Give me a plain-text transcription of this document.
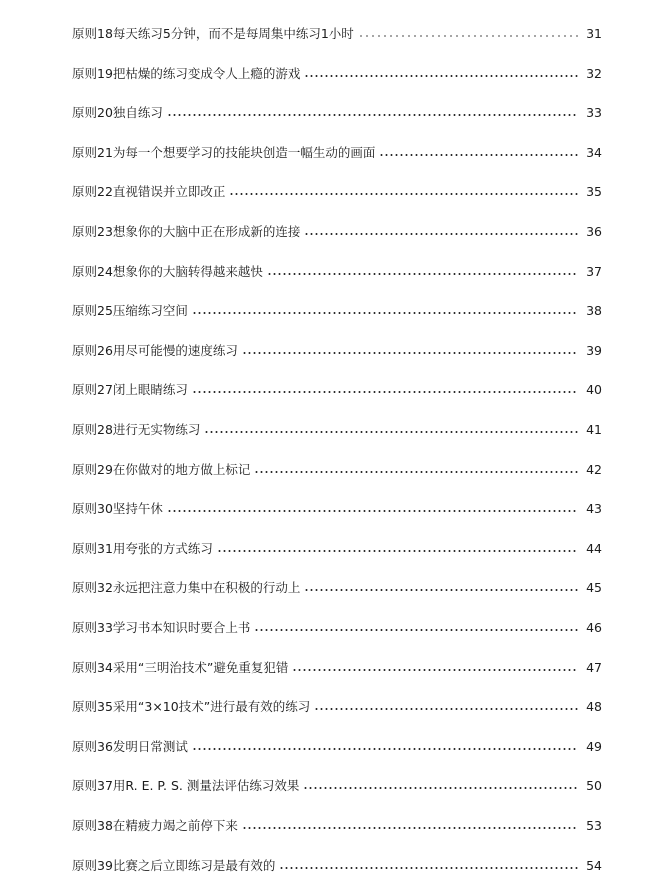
原则18每天练习5分钟，而不是每周集中练习1小时	31
原则19把枯燥的练习变成令人上瘾的游戏	32
原则20独自练习	33
原则21为每一个想要学习的技能块创造一幅生动的画面	34
原则22直视错误并立即改正	35
原则23想象你的大脑中正在形成新的连接	36
原则24想象你的大脑转得越来越快	37
原则25压缩练习空间	38
原则26用尽可能慢的速度练习	39
原则27闭上眼睛练习	40
原则28进行无实物练习	41
原则29在你做对的地方做上标记	42
原则30坚持午休	43
原则31用夸张的方式练习	44
原则32永远把注意力集中在积极的行动上	45
原则33学习书本知识时要合上书	46
原则34采用“三明治技术”避免重复犯错	47
原则35采用“3×10技术”进行最有效的练习	48
原则36发明日常测试	49
原则37用R. E. P. S. 测量法评估练习效果	50
原则38在精疲力竭之前停下来	53
原则39比赛之后立即练习是最有效的	54
